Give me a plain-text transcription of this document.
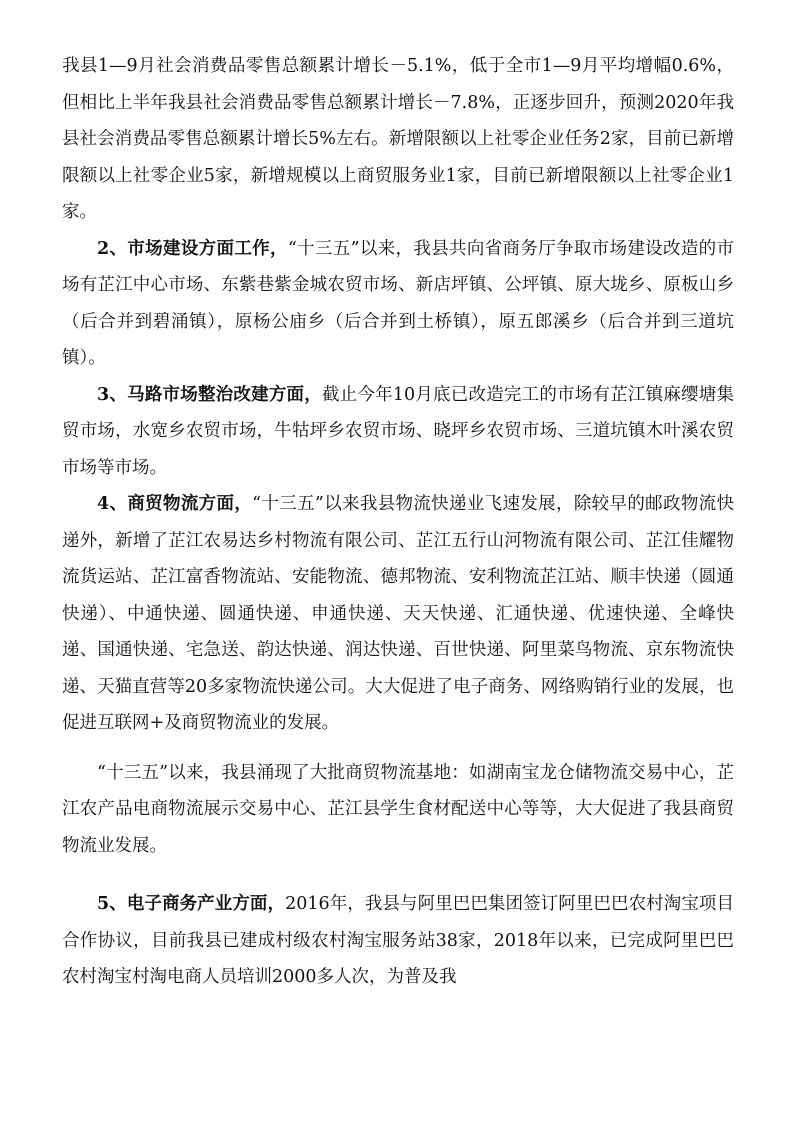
我县1—9月社会消费品零售总额累计增长－5.1%，低于全市1—9月平均增幅0.6%，但相比上半年我县社会消费品零售总额累计增长－7.8%，正逐步回升，预测2020年我县社会消费品零售总额累计增长5%左右。新增限额以上社零企业任务2家，目前已新增限额以上社零企业5家，新增规模以上商贸服务业1家，目前已新增限额以上社零企业1家。

2、市场建设方面工作，“十三五”以来，我县共向省商务厅争取市场建设改造的市场有芷江中心市场、东紫巷紫金城农贸市场、新店坪镇、公坪镇、原大垅乡、原板山乡（后合并到碧涌镇），原杨公庙乡（后合并到土桥镇），原五郎溪乡（后合并到三道坑镇）。

3、马路市场整治改建方面，截止今年10月底已改造完工的市场有芷江镇麻缨塘集贸市场，水宽乡农贸市场，牛牯坪乡农贸市场、晓坪乡农贸市场、三道坑镇木叶溪农贸市场等市场。

4、商贸物流方面，“十三五”以来我县物流快递业飞速发展，除较早的邮政物流快递外，新增了芷江农易达乡村物流有限公司、芷江五行山河物流有限公司、芷江佳耀物流货运站、芷江富香物流站、安能物流、德邦物流、安利物流芷江站、顺丰快递（圆通快递）、中通快递、圆通快递、申通快递、天天快递、汇通快递、优速快递、全峰快递、国通快递、宅急送、韵达快递、润达快递、百世快递、阿里菜鸟物流、京东物流快递、天猫直营等20多家物流快递公司。大大促进了电子商务、网络购销行业的发展，也促进互联网+及商贸物流业的发展。

“十三五”以来，我县涌现了大批商贸物流基地：如湖南宝龙仓储物流交易中心，芷江农产品电商物流展示交易中心、芷江县学生食材配送中心等等，大大促进了我县商贸物流业发展。

5、电子商务产业方面，2016年，我县与阿里巴巴集团签订阿里巴巴农村淘宝项目合作协议，目前我县已建成村级农村淘宝服务站38家，2018年以来，已完成阿里巴巴农村淘宝村淘电商人员培训2000多人次，为普及我
